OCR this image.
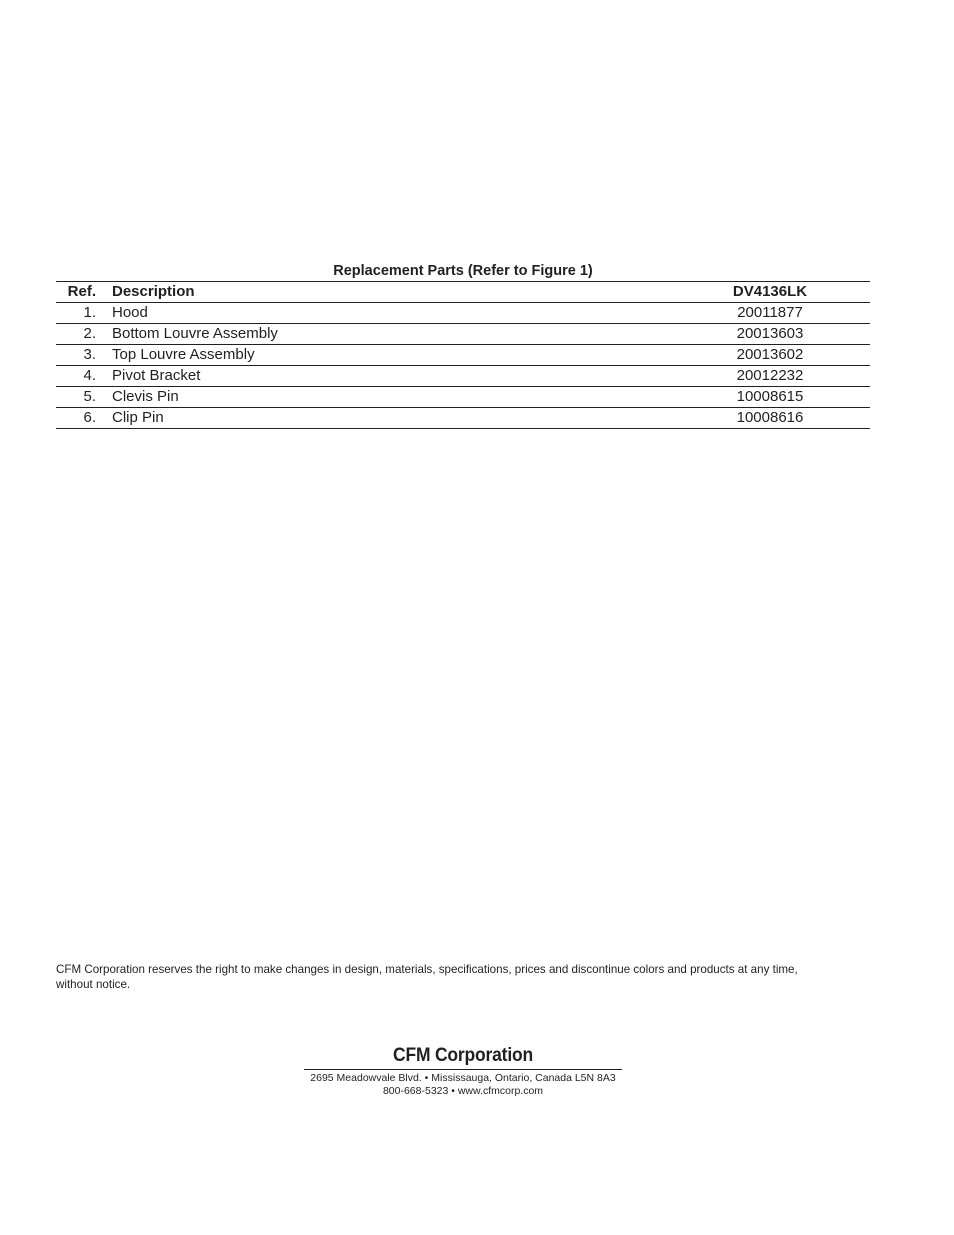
Replacement Parts (Refer to Figure 1)
Ref.	Description	DV4136LK
1.	Hood	20011877
2.	Bottom Louvre Assembly	20013603
3.	Top Louvre Assembly	20013602
4.	Pivot Bracket	20012232
5.	Clevis Pin	10008615
6.	Clip Pin	10008616
CFM Corporation reserves the right to make changes in design, materials, specifications, prices and discontinue colors and products at any time,
without notice.
CFM Corporation
2695 Meadowvale Blvd. • Mississauga, Ontario, Canada L5N 8A3
800-668-5323 • www.cfmcorp.com
